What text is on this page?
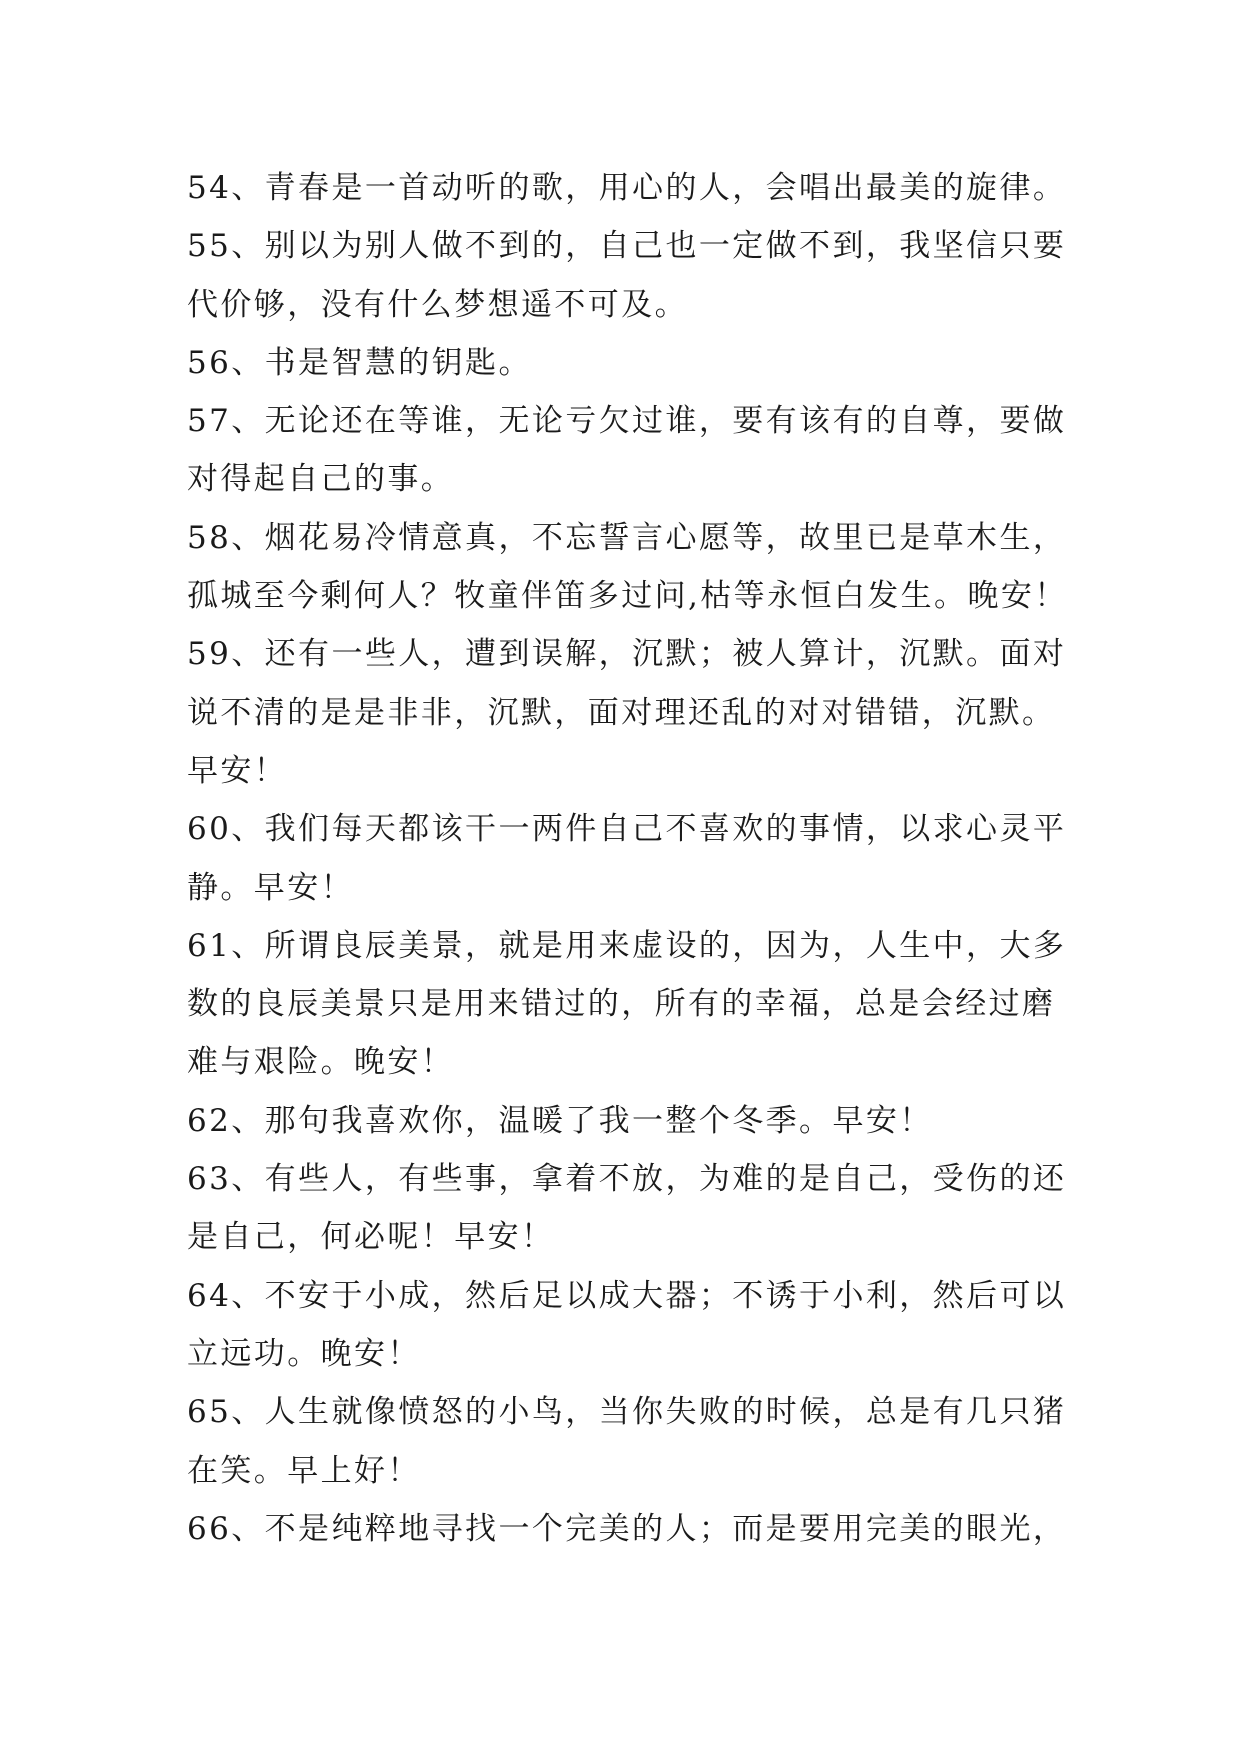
54、青春是一首动听的歌，用心的人，会唱出最美的旋律。
55、别以为别人做不到的，自己也一定做不到，我坚信只要
代价够，没有什么梦想遥不可及。
56、书是智慧的钥匙。
57、无论还在等谁，无论亏欠过谁，要有该有的自尊，要做
对得起自己的事。
58、烟花易冷情意真，不忘誓言心愿等，故里已是草木生，
孤城至今剩何人？牧童伴笛多过问,枯等永恒白发生。晚安！
59、还有一些人，遭到误解，沉默；被人算计，沉默。面对
说不清的是是非非，沉默，面对理还乱的对对错错，沉默。
早安！
60、我们每天都该干一两件自己不喜欢的事情，以求心灵平
静。早安！
61、所谓良辰美景，就是用来虚设的，因为，人生中，大多
数的良辰美景只是用来错过的，所有的幸福，总是会经过磨
难与艰险。晚安！
62、那句我喜欢你，温暖了我一整个冬季。早安！
63、有些人，有些事，拿着不放，为难的是自己，受伤的还
是自己，何必呢！早安！
64、不安于小成，然后足以成大器；不诱于小利，然后可以
立远功。晚安！
65、人生就像愤怒的小鸟，当你失败的时候，总是有几只猪
在笑。早上好！
66、不是纯粹地寻找一个完美的人；而是要用完美的眼光，
